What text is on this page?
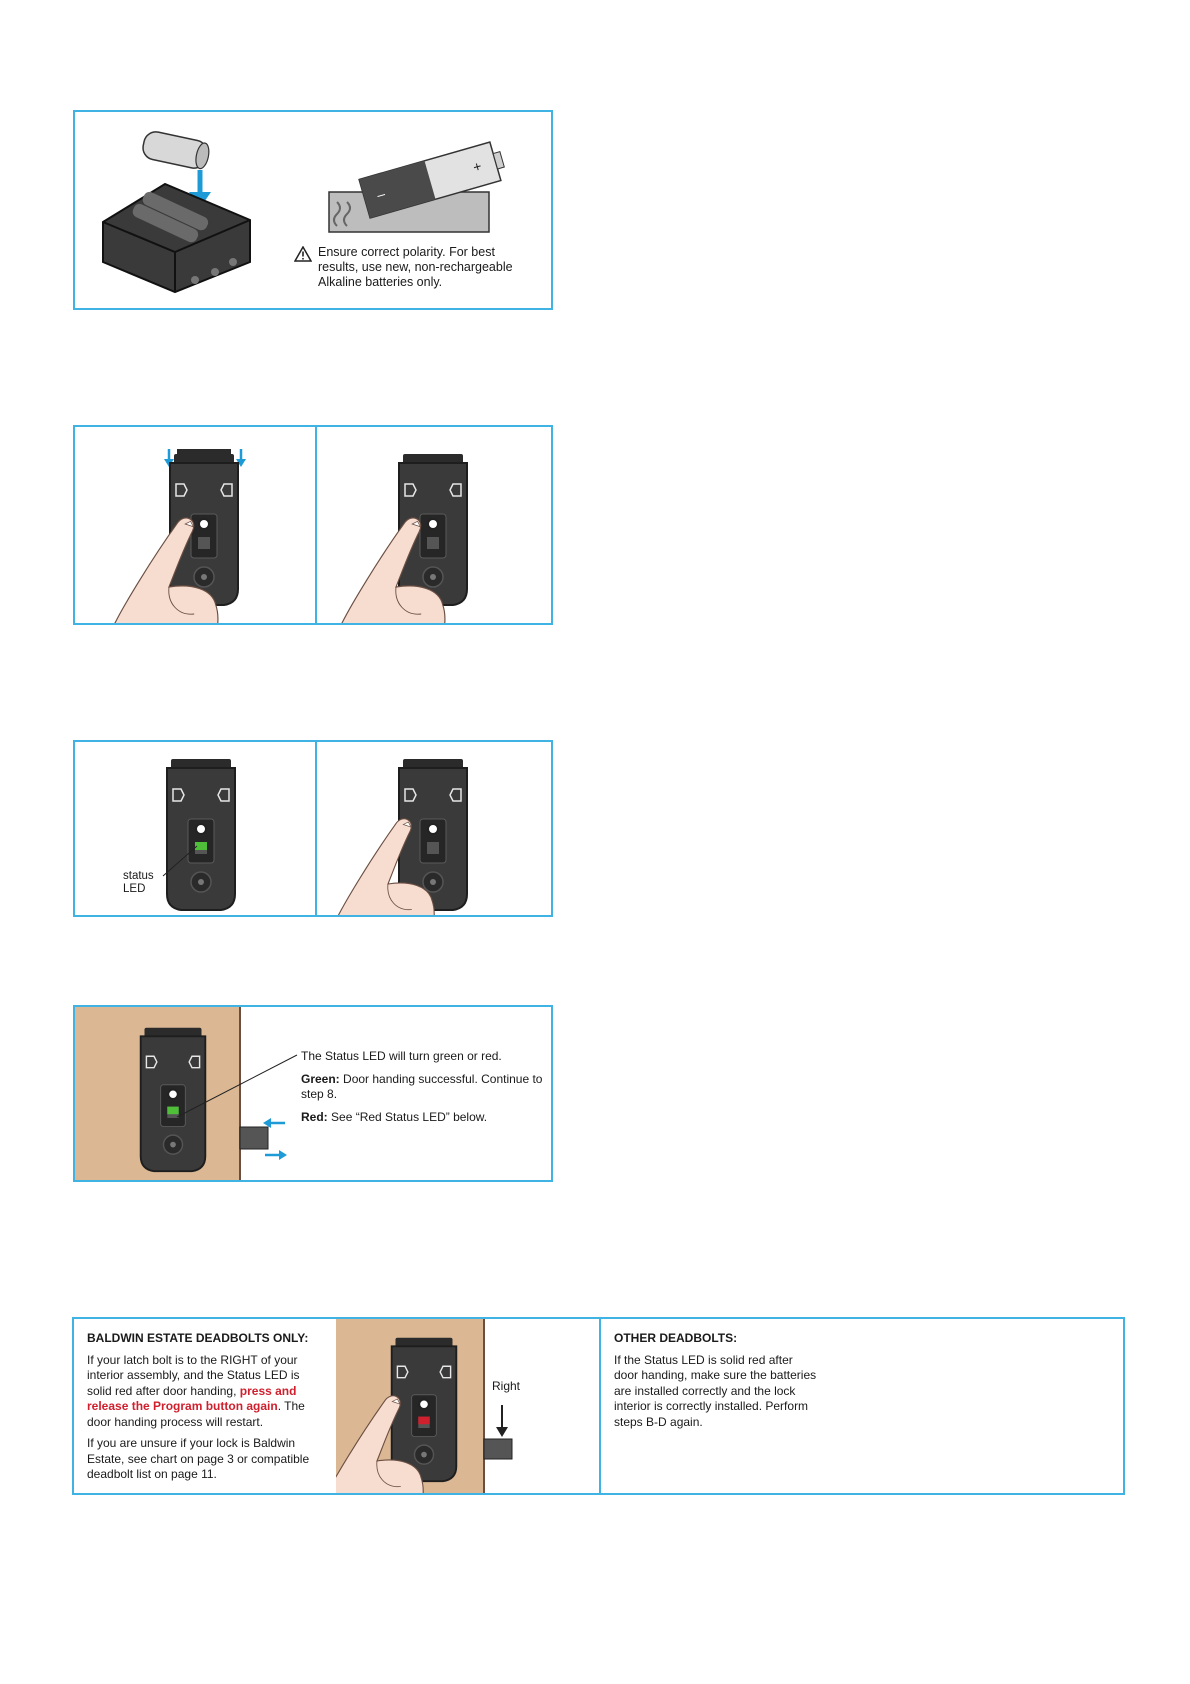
+
–

Ensure correct polarity. For best results, use new, non-rechargeable Alkaline batteries only.

status
LED

The Status LED will turn green or red.

Green: Door handing successful. Continue to step 8.

Red: See “Red Status LED” below.

BALDWIN ESTATE DEADBOLTS ONLY:

If your latch bolt is to the RIGHT of your interior assembly, and the Status LED is solid red after door handing, press and release the Program button again. The door handing process will restart.

If you are unsure if your lock is Baldwin Estate, see chart on page 3 or compatible deadbolt list on page 11.

Right

OTHER DEADBOLTS:

If the Status LED is solid red after door handing, make sure the batteries are installed correctly and the lock interior is correctly installed. Perform steps B-D again.
